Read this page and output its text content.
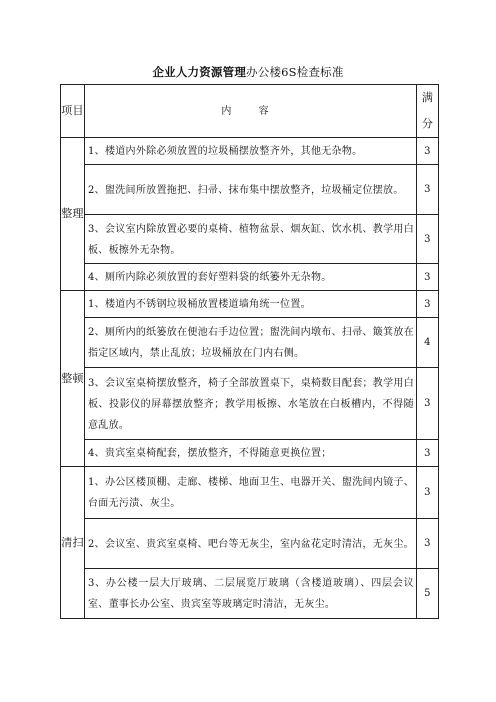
企业人力资源管理办公楼6S检查标准
项目	内 容	满分
整理	1、楼道内外除必须放置的垃圾桶摆放整齐外，其他无杂物。	3
	2、盥洗间所放置拖把、扫帚、抹布集中摆放整齐，垃圾桶定位摆放。	3
	3、会议室内除放置必要的桌椅、植物盆景、烟灰缸、饮水机、教学用白板、板擦外无杂物。	3
	4、厕所内除必须放置的套好塑料袋的纸篓外无杂物。	3
整顿	1、楼道内不锈钢垃圾桶放置楼道墙角统一位置。	3
	2、厕所内的纸篓放在便池右手边位置；盥洗间内墩布、扫帚、簸箕放在指定区域内，禁止乱放；垃圾桶放在门内右侧。	4
	3、会议室桌椅摆放整齐，椅子全部放置桌下，桌椅数目配套；教学用白板、投影仪的屏幕摆放整齐；教学用板擦、水笔放在白板槽内，不得随意乱放。	3
	4、贵宾室桌椅配套，摆放整齐，不得随意更换位置；	3
清扫	1、办公区楼顶棚、走廊、楼梯、地面卫生、电器开关、盥洗间内镜子、台面无污渍、灰尘。	3
	2、会议室、贵宾室桌椅、吧台等无灰尘，室内盆花定时清洁，无灰尘。	3
	3、办公楼一层大厅玻璃、二层展览厅玻璃（含楼道玻璃）、四层会议室、董事长办公室、贵宾室等玻璃定时清洁，无灰尘。	5
